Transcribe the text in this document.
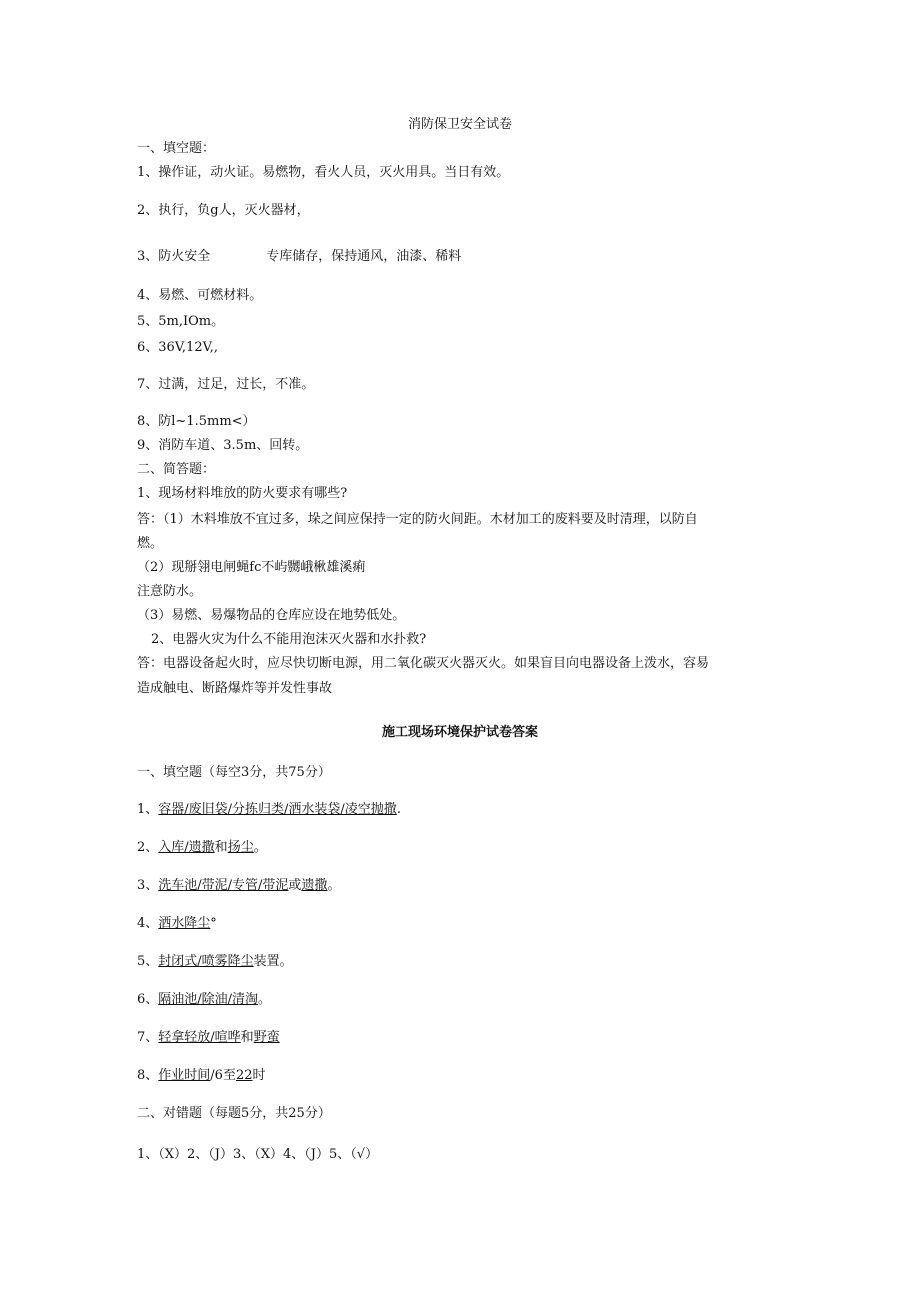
消防保卫安全试卷
一、填空题：
1、操作证，动火证。易燃物，看火人员，灭火用具。当日有效。
2、执行，负g人，灭火器材，
3、防火安全	专库储存，保持通风，油漆、稀料
4、易燃、可燃材料。
5、5m,IOm。
6、36V,12V,,
7、过满，过足，过长，不准。
8、防l~1.5mm<）
9、消防车道、3.5m、回转。
二、简答题：
1、现场材料堆放的防火要求有哪些?
答：（1）木料堆放不宜过多，垛之间应保持一定的防火间距。木材加工的废料要及时清理，以防自
燃。
（2）现掰翎电闸蝇fc不屿嬲峨楸雄溪痢
注意防水。
（3）易燃、易爆物品的仓库应设在地势低处。
2、电器火灾为什么不能用泡沫灭火器和水扑救?
答：电器设备起火时，应尽快切断电源，用二氧化碳灭火器灭火。如果盲目向电器设备上泼水，容易
造成触电、断路爆炸等并发性事故
施工现场环境保护试卷答案
一、填空题（每空3分，共75分）
1、容器/废旧袋/分拣归类/洒水装袋/凌空抛撒.
2、入库/遗撒和扬尘。
3、洗车池/带泥/专管/带泥或遗撒。
4、洒水降尘°
5、封闭式/喷雾降尘装置。
6、隔油池/除油/清淘。
7、轻拿轻放/喧哗和野蛮
8、作业时间/6至22时
二、对错题（每题5分，共25分）
1、（X）2、（J）3、（X）4、（J）5、（√）
